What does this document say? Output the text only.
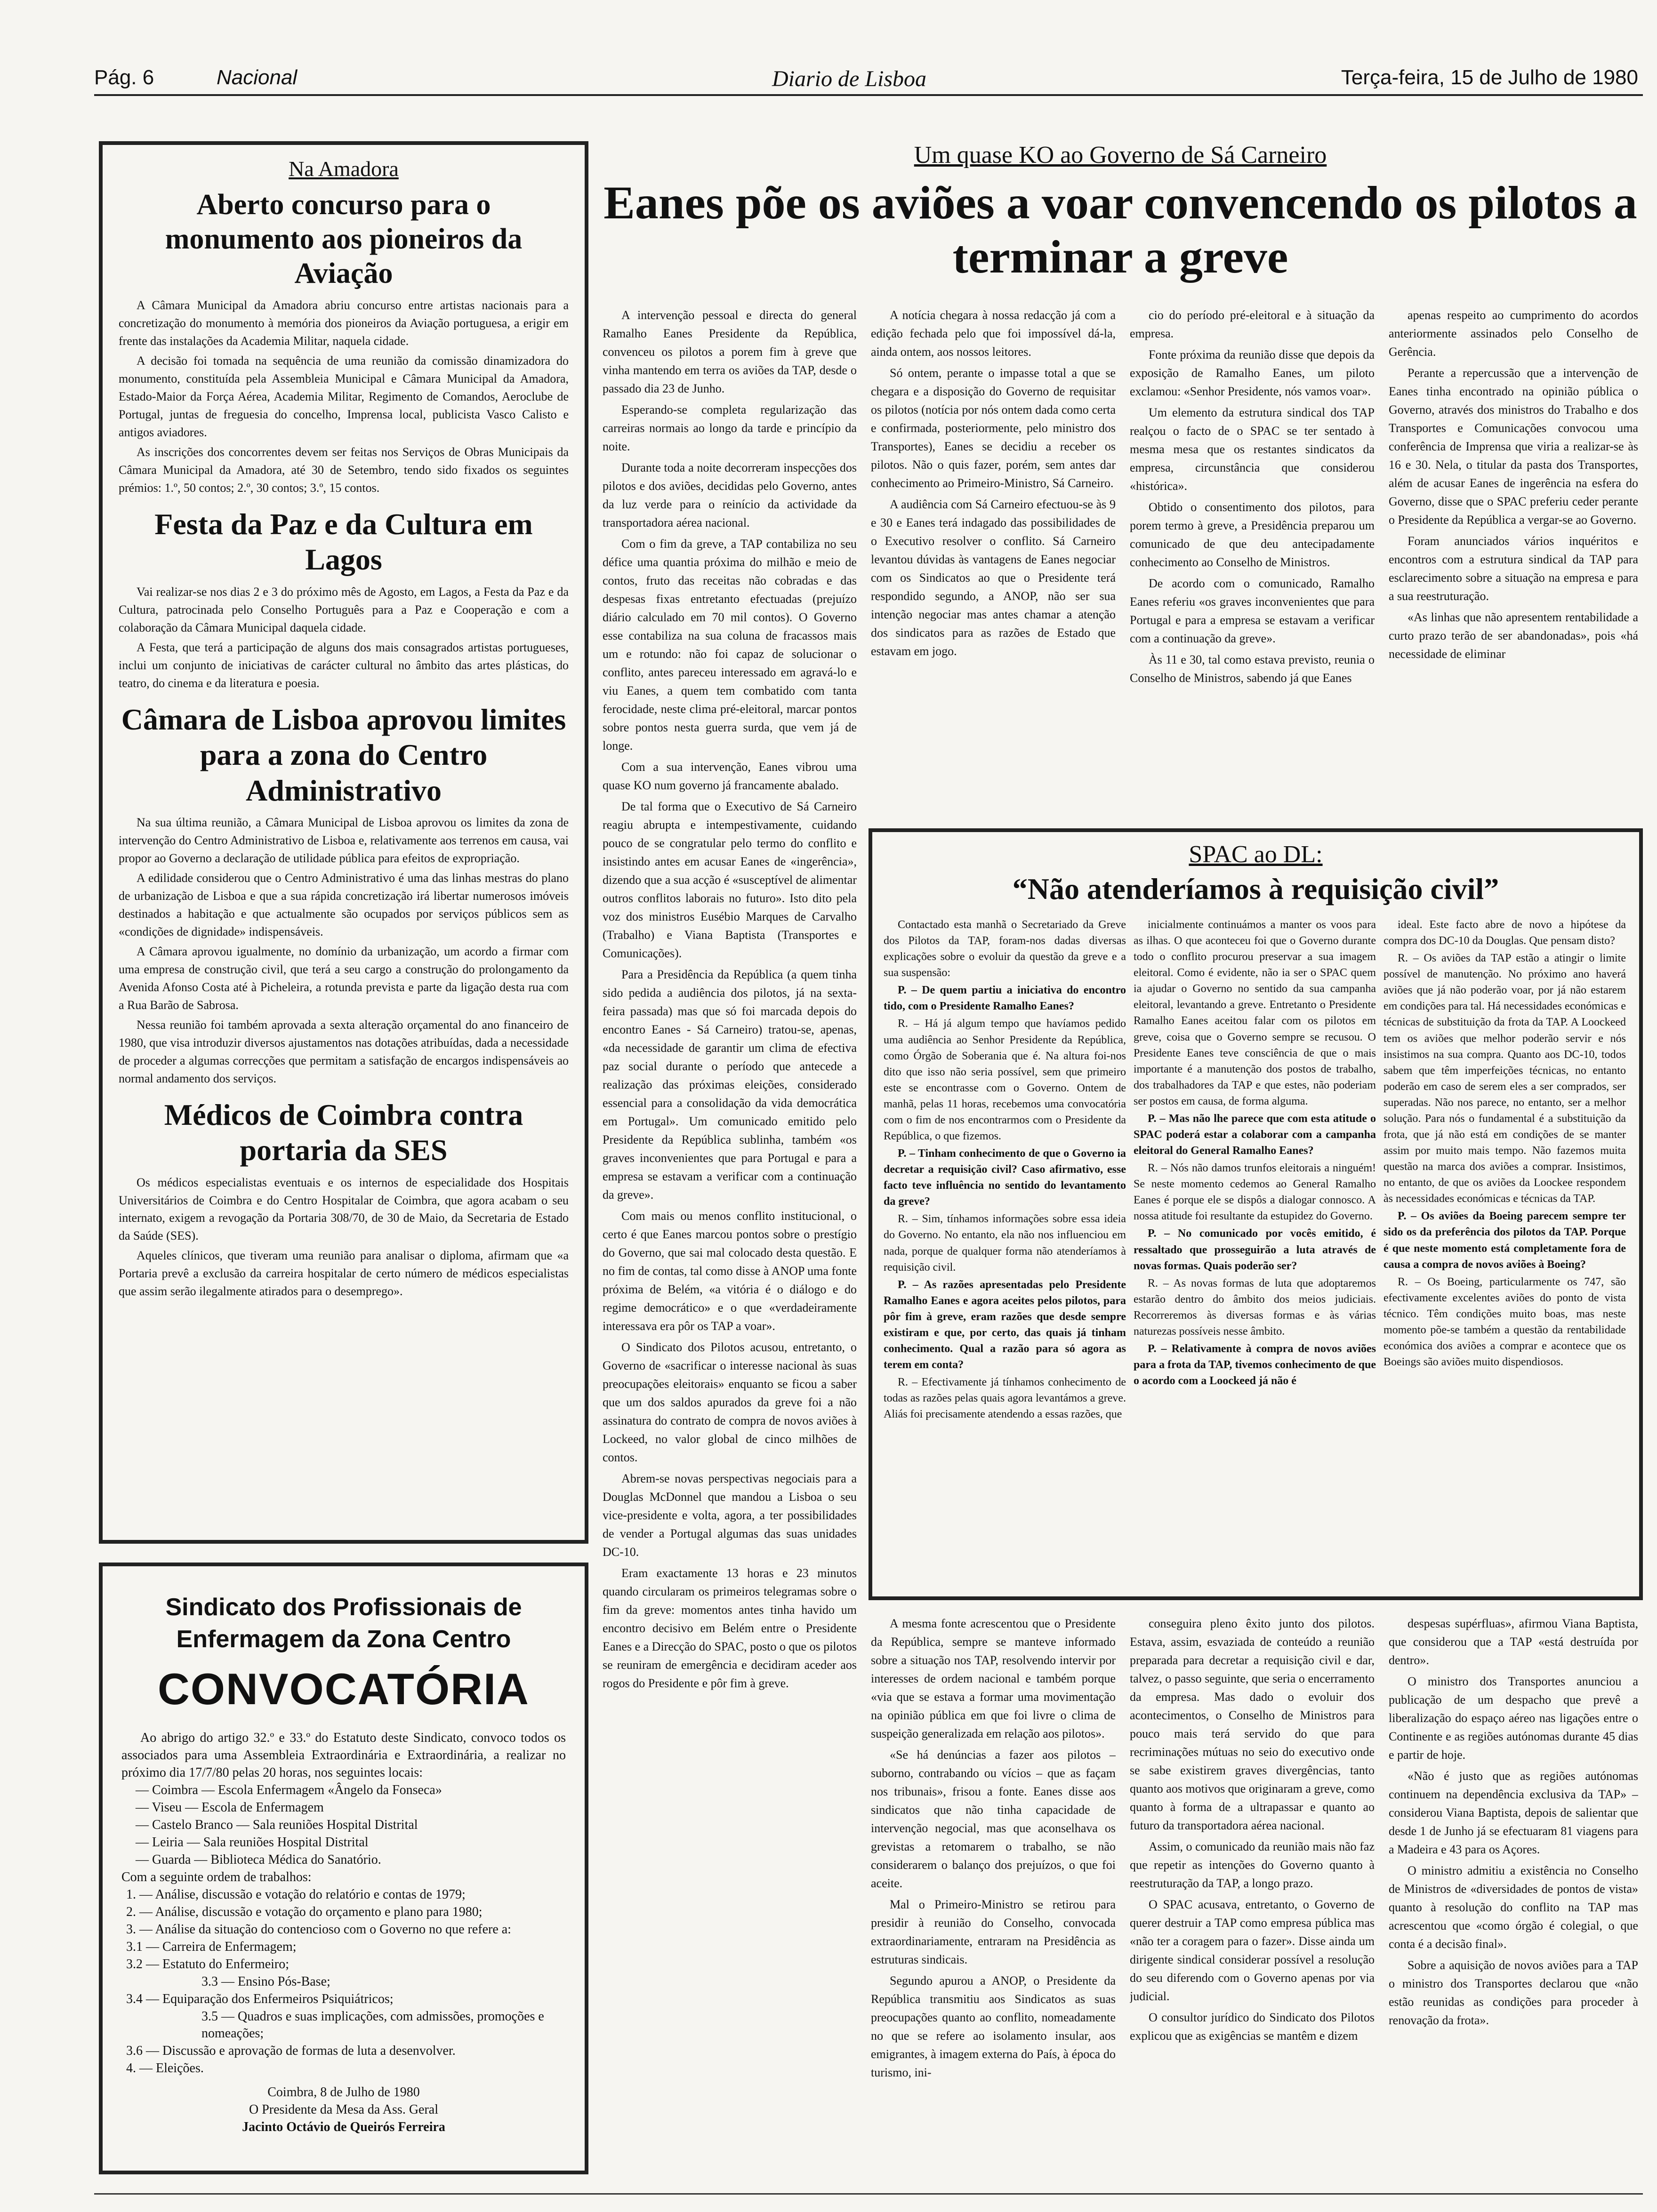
Pág. 6	Nacional	Diario de Lisboa	Terça-feira, 15 de Julho de 1980
Na Amadora
Aberto concurso para o monumento aos pioneiros da Aviação

A Câmara Municipal da Amadora abriu concurso entre artistas nacionais para a concretização do monumento à memória dos pioneiros da Aviação portuguesa, a erigir em frente das instalações da Academia Militar, naquela cidade.

A decisão foi tomada na sequência de uma reunião da comissão dinamizadora do monumento, constituída pela Assembleia Municipal e Câmara Municipal da Amadora, Estado-Maior da Força Aérea, Academia Militar, Regimento de Comandos, Aeroclube de Portugal, juntas de freguesia do concelho, Imprensa local, publicista Vasco Calisto e antigos aviadores.

As inscrições dos concorrentes devem ser feitas nos Serviços de Obras Municipais da Câmara Municipal da Amadora, até 30 de Setembro, tendo sido fixados os seguintes prémios: 1.º, 50 contos; 2.º, 30 contos; 3.º, 15 contos.

Festa da Paz e da Cultura em Lagos

Vai realizar-se nos dias 2 e 3 do próximo mês de Agosto, em Lagos, a Festa da Paz e da Cultura, patrocinada pelo Conselho Português para a Paz e Cooperação e com a colaboração da Câmara Municipal daquela cidade.

A Festa, que terá a participação de alguns dos mais consagrados artistas portugueses, inclui um conjunto de iniciativas de carácter cultural no âmbito das artes plásticas, do teatro, do cinema e da literatura e poesia.

Câmara de Lisboa aprovou limites para a zona do Centro Administrativo

Na sua última reunião, a Câmara Municipal de Lisboa aprovou os limites da zona de intervenção do Centro Administrativo de Lisboa e, relativamente aos terrenos em causa, vai propor ao Governo a declaração de utilidade pública para efeitos de expropriação.

A edilidade considerou que o Centro Administrativo é uma das linhas mestras do plano de urbanização de Lisboa e que a sua rápida concretização irá libertar numerosos imóveis destinados a habitação e que actualmente são ocupados por serviços públicos sem as «condições de dignidade» indispensáveis.

A Câmara aprovou igualmente, no domínio da urbanização, um acordo a firmar com uma empresa de construção civil, que terá a seu cargo a construção do prolongamento da Avenida Afonso Costa até à Picheleira, a rotunda prevista e parte da ligação desta rua com a Rua Barão de Sabrosa.

Nessa reunião foi também aprovada a sexta alteração orçamental do ano financeiro de 1980, que visa introduzir diversos ajustamentos nas dotações atribuídas, dada a necessidade de proceder a algumas correcções que permitam a satisfação de encargos indispensáveis ao normal andamento dos serviços.

Médicos de Coimbra contra portaria da SES

Os médicos especialistas eventuais e os internos de especialidade dos Hospitais Universitários de Coimbra e do Centro Hospitalar de Coimbra, que agora acabam o seu internato, exigem a revogação da Portaria 308/70, de 30 de Maio, da Secretaria de Estado da Saúde (SES).

Aqueles clínicos, que tiveram uma reunião para analisar o diploma, afirmam que «a Portaria prevê a exclusão da carreira hospitalar de certo número de médicos especialistas que assim serão ilegalmente atirados para o desemprego».

Sindicato dos Profissionais de Enfermagem da Zona Centro
CONVOCATÓRIA
Ao abrigo do artigo 32.º e 33.º do Estatuto deste Sindicato, convoco todos os associados para uma Assembleia Extraordinária e Extraordinária, a realizar no próximo dia 17/7/80 pelas 20 horas, nos seguintes locais:
— Coimbra — Escola Enfermagem «Ângelo da Fonseca»
— Viseu — Escola de Enfermagem
— Castelo Branco — Sala reuniões Hospital Distrital
— Leiria — Sala reuniões Hospital Distrital
— Guarda — Biblioteca Médica do Sanatório.
Com a seguinte ordem de trabalhos:
1. — Análise, discussão e votação do relatório e contas de 1979;
2. — Análise, discussão e votação do orçamento e plano para 1980;
3. — Análise da situação do contencioso com o Governo no que refere a:
3.1 — Carreira de Enfermagem;
3.2 — Estatuto do Enfermeiro;
3.3 — Ensino Pós-Base;
3.4 — Equiparação dos Enfermeiros Psiquiátricos;
3.5 — Quadros e suas implicações, com admissões, promoções e nomeações;
3.6 — Discussão e aprovação de formas de luta a desenvolver.
4. — Eleições.
Coimbra, 8 de Julho de 1980
O Presidente da Mesa da Ass. Geral
Jacinto Octávio de Queirós Ferreira
Um quase KO ao Governo de Sá Carneiro
Eanes põe os aviões a voar convencendo os pilotos a terminar a greve

A intervenção pessoal e directa do general Ramalho Eanes Presidente da República, convenceu os pilotos a porem fim à greve que vinha mantendo em terra os aviões da TAP, desde o passado dia 23 de Junho.

Esperando-se completa regularização das carreiras normais ao longo da tarde e princípio da noite.

Durante toda a noite decorreram inspecções dos pilotos e dos aviões, decididas pelo Governo, antes da luz verde para o reinício da actividade da transportadora aérea nacional.

Com o fim da greve, a TAP contabiliza no seu défice uma quantia próxima do milhão e meio de contos, fruto das receitas não cobradas e das despesas fixas entretanto efectuadas (prejuízo diário calculado em 70 mil contos). O Governo esse contabiliza na sua coluna de fracassos mais um e rotundo: não foi capaz de solucionar o conflito, antes pareceu interessado em agravá-lo e viu Eanes, a quem tem combatido com tanta ferocidade, neste clima pré-eleitoral, marcar pontos sobre pontos nesta guerra surda, que vem já de longe.

Com a sua intervenção, Eanes vibrou uma quase KO num governo já francamente abalado.

De tal forma que o Executivo de Sá Carneiro reagiu abrupta e intempestivamente, cuidando pouco de se congratular pelo termo do conflito e insistindo antes em acusar Eanes de «ingerência», dizendo que a sua acção é «susceptível de alimentar outros conflitos laborais no futuro». Isto dito pela voz dos ministros Eusébio Marques de Carvalho (Trabalho) e Viana Baptista (Transportes e Comunicações).

Para a Presidência da República (a quem tinha sido pedida a audiência dos pilotos, já na sexta-feira passada) mas que só foi marcada depois do encontro Eanes - Sá Carneiro) tratou-se, apenas, «da necessidade de garantir um clima de efectiva paz social durante o período que antecede a realização das próximas eleições, considerado essencial para a consolidação da vida democrática em Portugal». Um comunicado emitido pelo Presidente da República sublinha, também «os graves inconvenientes que para Portugal e para a empresa se estavam a verificar com a continuação da greve».

Com mais ou menos conflito institucional, o certo é que Eanes marcou pontos sobre o prestígio do Governo, que sai mal colocado desta questão. E no fim de contas, tal como disse à ANOP uma fonte próxima de Belém, «a vitória é o diálogo e do regime democrático» e o que «verdadeiramente interessava era pôr os TAP a voar».

O Sindicato dos Pilotos acusou, entretanto, o Governo de «sacrificar o interesse nacional às suas preocupações eleitorais» enquanto se ficou a saber que um dos saldos apurados da greve foi a não assinatura do contrato de compra de novos aviões à Lockeed, no valor global de cinco milhões de contos.

Abrem-se novas perspectivas negociais para a Douglas McDonnel que mandou a Lisboa o seu vice-presidente e volta, agora, a ter possibilidades de vender a Portugal algumas das suas unidades DC-10.

Eram exactamente 13 horas e 23 minutos quando circularam os primeiros telegramas sobre o fim da greve: momentos antes tinha havido um encontro decisivo em Belém entre o Presidente Eanes e a Direcção do SPAC, posto o que os pilotos se reuniram de emergência e decidiram aceder aos rogos do Presidente e pôr fim à greve.

A notícia chegara à nossa redacção já com a edição fechada pelo que foi impossível dá-la, ainda ontem, aos nossos leitores.

Só ontem, perante o impasse total a que se chegara e a disposição do Governo de requisitar os pilotos (notícia por nós ontem dada como certa e confirmada, posteriormente, pelo ministro dos Transportes), Eanes se decidiu a receber os pilotos. Não o quis fazer, porém, sem antes dar conhecimento ao Primeiro-Ministro, Sá Carneiro.

A audiência com Sá Carneiro efectuou-se às 9 e 30 e Eanes terá indagado das possibilidades de o Executivo resolver o conflito. Sá Carneiro levantou dúvidas às vantagens de Eanes negociar com os Sindicatos ao que o Presidente terá respondido segundo, a ANOP, não ser sua intenção negociar mas antes chamar a atenção dos sindicatos para as razões de Estado que estavam em jogo.

cio do período pré-eleitoral e à situação da empresa.

Fonte próxima da reunião disse que depois da exposição de Ramalho Eanes, um piloto exclamou: «Senhor Presidente, nós vamos voar».

Um elemento da estrutura sindical dos TAP realçou o facto de o SPAC se ter sentado à mesma mesa que os restantes sindicatos da empresa, circunstância que considerou «histórica».

Obtido o consentimento dos pilotos, para porem termo à greve, a Presidência preparou um comunicado de que deu antecipadamente conhecimento ao Conselho de Ministros.

De acordo com o comunicado, Ramalho Eanes referiu «os graves inconvenientes que para Portugal e para a empresa se estavam a verificar com a continuação da greve».

Às 11 e 30, tal como estava previsto, reunia o Conselho de Ministros, sabendo já que Eanes

apenas respeito ao cumprimento do acordos anteriormente assinados pelo Conselho de Gerência.

Perante a repercussão que a intervenção de Eanes tinha encontrado na opinião pública o Governo, através dos ministros do Trabalho e dos Transportes e Comunicações convocou uma conferência de Imprensa que viria a realizar-se às 16 e 30. Nela, o titular da pasta dos Transportes, além de acusar Eanes de ingerência na esfera do Governo, disse que o SPAC preferiu ceder perante o Presidente da República a vergar-se ao Governo.

Foram anunciados vários inquéritos e encontros com a estrutura sindical da TAP para esclarecimento sobre a situação na empresa e para a sua reestruturação.

«As linhas que não apresentem rentabilidade a curto prazo terão de ser abandonadas», pois «há necessidade de eliminar

SPAC ao DL:
“Não atenderíamos à requisição civil”

Contactado esta manhã o Secretariado da Greve dos Pilotos da TAP, foram-nos dadas diversas explicações sobre o evoluir da questão da greve e a sua suspensão:

P. – De quem partiu a iniciativa do encontro tido, com o Presidente Ramalho Eanes?

R. – Há já algum tempo que havíamos pedido uma audiência ao Senhor Presidente da República, como Órgão de Soberania que é. Na altura foi-nos dito que isso não seria possível, sem que primeiro este se encontrasse com o Governo. Ontem de manhã, pelas 11 horas, recebemos uma convocatória com o fim de nos encontrarmos com o Presidente da República, o que fizemos.

P. – Tinham conhecimento de que o Governo ia decretar a requisição civil? Caso afirmativo, esse facto teve influência no sentido do levantamento da greve?

R. – Sim, tínhamos informações sobre essa ideia do Governo. No entanto, ela não nos influenciou em nada, porque de qualquer forma não atenderíamos à requisição civil.

P. – As razões apresentadas pelo Presidente Ramalho Eanes e agora aceites pelos pilotos, para pôr fim à greve, eram razões que desde sempre existiram e que, por certo, das quais já tinham conhecimento. Qual a razão para só agora as terem em conta?

R. – Efectivamente já tínhamos conhecimento de todas as razões pelas quais agora levantámos a greve. Aliás foi precisamente atendendo a essas razões, que

inicialmente continuámos a manter os voos para as ilhas. O que aconteceu foi que o Governo durante todo o conflito procurou preservar a sua imagem eleitoral. Como é evidente, não ia ser o SPAC quem ia ajudar o Governo no sentido da sua campanha eleitoral, levantando a greve. Entretanto o Presidente Ramalho Eanes aceitou falar com os pilotos em greve, coisa que o Governo sempre se recusou. O Presidente Eanes teve consciência de que o mais importante é a manutenção dos postos de trabalho, dos trabalhadores da TAP e que estes, não poderiam ser postos em causa, de forma alguma.

P. – Mas não lhe parece que com esta atitude o SPAC poderá estar a colaborar com a campanha eleitoral do General Ramalho Eanes?

R. – Nós não damos trunfos eleitorais a ninguém! Se neste momento cedemos ao General Ramalho Eanes é porque ele se dispôs a dialogar connosco. A nossa atitude foi resultante da estupidez do Governo.

P. – No comunicado por vocês emitido, é ressaltado que prosseguirão a luta através de novas formas. Quais poderão ser?

R. – As novas formas de luta que adoptaremos estarão dentro do âmbito dos meios judiciais. Recorreremos às diversas formas e às várias naturezas possíveis nesse âmbito.

P. – Relativamente à compra de novos aviões para a frota da TAP, tivemos conhecimento de que o acordo com a Loockeed já não é

ideal. Este facto abre de novo a hipótese da compra dos DC-10 da Douglas. Que pensam disto?

R. – Os aviões da TAP estão a atingir o limite possível de manutenção. No próximo ano haverá aviões que já não poderão voar, por já não estarem em condições para tal. Há necessidades económicas e técnicas de substituição da frota da TAP. A Loockeed tem os aviões que melhor poderão servir e nós insistimos na sua compra. Quanto aos DC-10, todos sabem que têm imperfeições técnicas, no entanto poderão em caso de serem eles a ser comprados, ser superadas. Não nos parece, no entanto, ser a melhor solução. Para nós o fundamental é a substituição da frota, que já não está em condições de se manter assim por muito mais tempo. Não fazemos muita questão na marca dos aviões a comprar. Insistimos, no entanto, de que os aviões da Loockee respondem às necessidades económicas e técnicas da TAP.

P. – Os aviões da Boeing parecem sempre ter sido os da preferência dos pilotos da TAP. Porque é que neste momento está completamente fora de causa a compra de novos aviões à Boeing?

R. – Os Boeing, particularmente os 747, são efectivamente excelentes aviões do ponto de vista técnico. Têm condições muito boas, mas neste momento põe-se também a questão da rentabilidade económica dos aviões a comprar e acontece que os Boeings são aviões muito dispendiosos.

A mesma fonte acrescentou que o Presidente da República, sempre se manteve informado sobre a situação nos TAP, resolvendo intervir por interesses de ordem nacional e também porque «via que se estava a formar uma movimentação na opinião pública em que foi livre o clima de suspeição generalizada em relação aos pilotos».

«Se há denúncias a fazer aos pilotos – suborno, contrabando ou vícios – que as façam nos tribunais», frisou a fonte. Eanes disse aos sindicatos que não tinha capacidade de intervenção negocial, mas que aconselhava os grevistas a retomarem o trabalho, se não considerarem o balanço dos prejuízos, o que foi aceite.

Mal o Primeiro-Ministro se retirou para presidir à reunião do Conselho, convocada extraordinariamente, entraram na Presidência as estruturas sindicais.

Segundo apurou a ANOP, o Presidente da República transmitiu aos Sindicatos as suas preocupações quanto ao conflito, nomeadamente no que se refere ao isolamento insular, aos emigrantes, à imagem externa do País, à época do turismo, ini-

conseguira pleno êxito junto dos pilotos. Estava, assim, esvaziada de conteúdo a reunião preparada para decretar a requisição civil e dar, talvez, o passo seguinte, que seria o encerramento da empresa. Mas dado o evoluir dos acontecimentos, o Conselho de Ministros para pouco mais terá servido do que para recriminações mútuas no seio do executivo onde se sabe existirem graves divergências, tanto quanto aos motivos que originaram a greve, como quanto à forma de a ultrapassar e quanto ao futuro da transportadora aérea nacional.

Assim, o comunicado da reunião mais não faz que repetir as intenções do Governo quanto à reestruturação da TAP, a longo prazo.

O SPAC acusava, entretanto, o Governo de querer destruir a TAP como empresa pública mas «não ter a coragem para o fazer». Disse ainda um dirigente sindical considerar possível a resolução do seu diferendo com o Governo apenas por via judicial.

O consultor jurídico do Sindicato dos Pilotos explicou que as exigências se mantêm e dizem

despesas supérfluas», afirmou Viana Baptista, que considerou que a TAP «está destruída por dentro».

O ministro dos Transportes anunciou a publicação de um despacho que prevê a liberalização do espaço aéreo nas ligações entre o Continente e as regiões autónomas durante 45 dias e partir de hoje.

«Não é justo que as regiões autónomas continuem na dependência exclusiva da TAP» – considerou Viana Baptista, depois de salientar que desde 1 de Junho já se efectuaram 81 viagens para a Madeira e 43 para os Açores.

O ministro admitiu a existência no Conselho de Ministros de «diversidades de pontos de vista» quanto à resolução do conflito na TAP mas acrescentou que «como órgão é colegial, o que conta é a decisão final».

Sobre a aquisição de novos aviões para a TAP o ministro dos Transportes declarou que «não estão reunidas as condições para proceder à renovação da frota».
